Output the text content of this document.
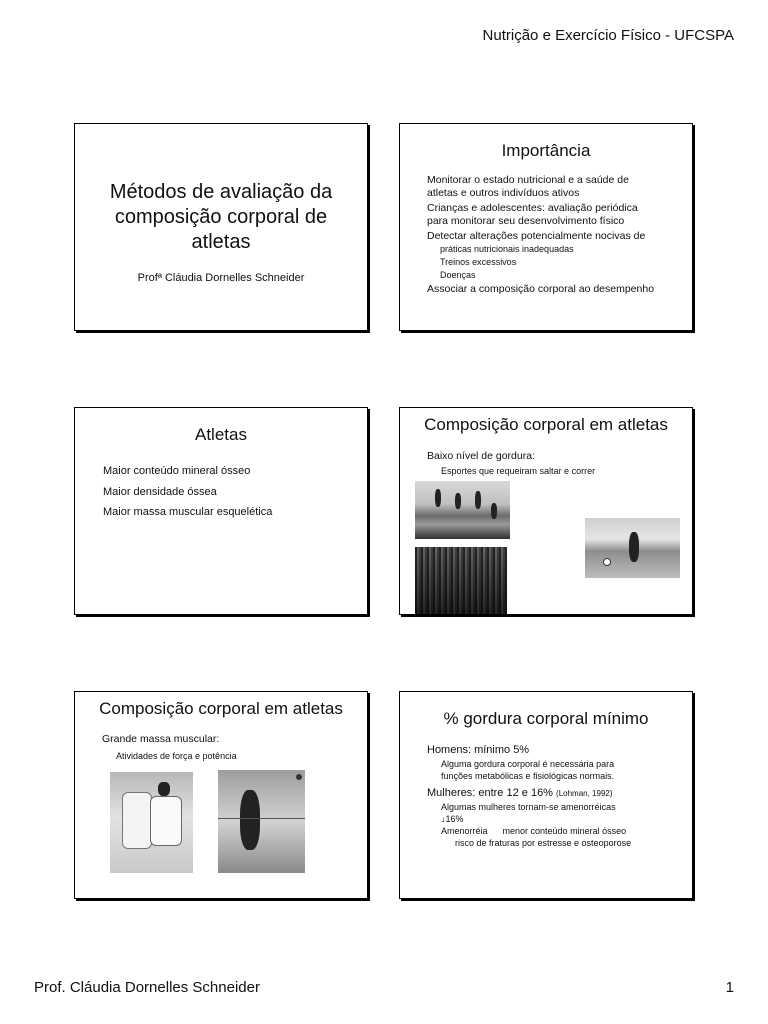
Nutrição e Exercício Físico - UFCSPA
Métodos de avaliação da
composição corporal de
atletas
Profª Cláudia Dornelles Schneider
Importância
Monitorar o estado nutricional e a saúde de
atletas e outros indivíduos ativos
Crianças e adolescentes: avaliação periódica
para monitorar seu desenvolvimento físico
Detectar alterações potencialmente nocivas de
práticas nutricionais inadequadas
Treinos excessivos
Doenças
Associar a composição corporal ao desempenho
Atletas
Maior conteúdo mineral ósseo
Maior densidade óssea
Maior massa muscular esquelética
Composição corporal em atletas
Baixo nível de gordura:
Esportes que requeiram saltar e correr
Composição corporal em atletas
Grande massa muscular:
Atividades de força e potência
% gordura corporal mínimo
Homens: mínimo 5%
Alguma gordura corporal é necessária para
funções metabólicas e fisiológicas normais.
Mulheres: entre 12 e 16% (Lohman, 1992)
Algumas mulheres tornam-se amenorréicas
↓16%
Amenorréia      menor conteúdo mineral ósseo
risco de fraturas por estresse e osteoporose
Prof. Cláudia Dornelles Schneider	1
